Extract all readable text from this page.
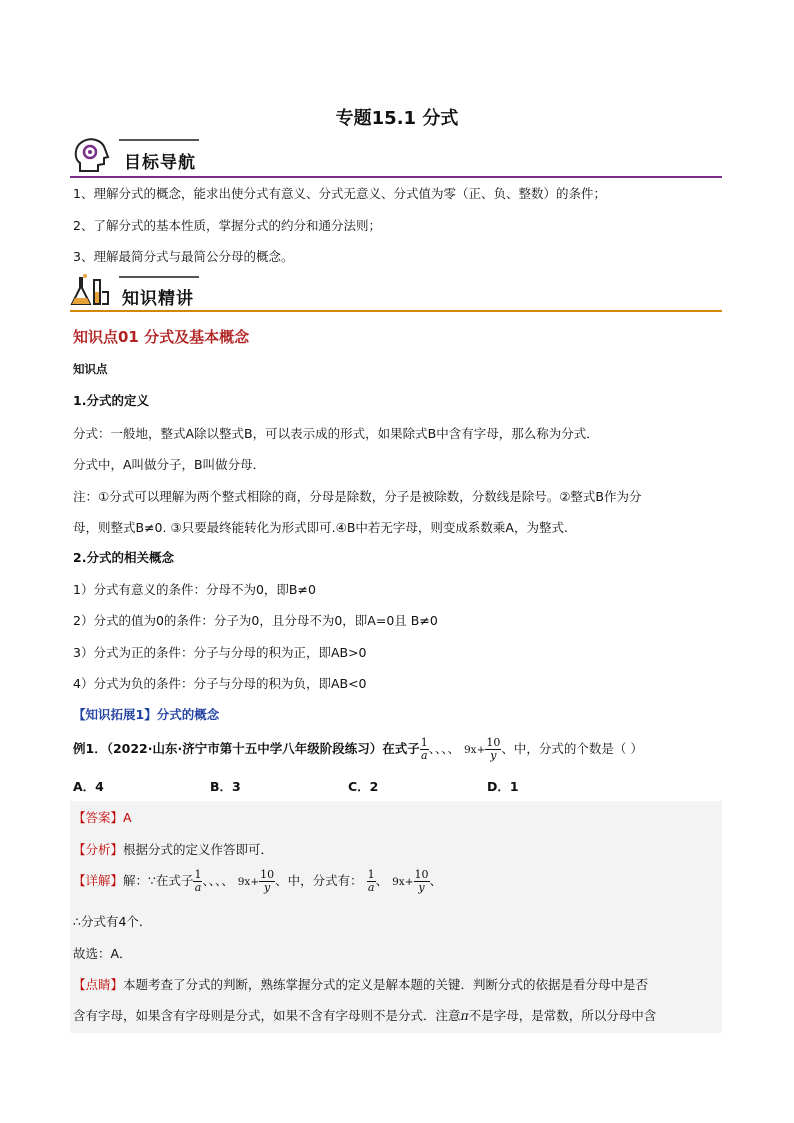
专题15.1 分式
目标导航
1、理解分式的概念，能求出使分式有意义、分式无意义、分式值为零（正、负、整数）的条件；
2、了解分式的基本性质，掌握分式的约分和通分法则；
3、理解最简分式与最简公分母的概念。
知识精讲
知识点01 分式及基本概念
知识点
1.分式的定义
分式：一般地，整式A除以整式B，可以表示成的形式，如果除式B中含有字母，那么称为分式．
分式中，A叫做分子，B叫做分母．
注：①分式可以理解为两个整式相除的商，分母是除数，分子是被除数，分数线是除号。②整式B作为分
母，则整式B≠0. ③只要最终能转化为形式即可.④B中若无字母，则变成系数乘A，为整式.
2.分式的相关概念
1）分式有意义的条件：分母不为0，即B≠0
2）分式的值为0的条件：分子为0，且分母不为0，即A=0且 B≠0
3）分式为正的条件：分子与分母的积为正，即AB>0
4）分式为负的条件：分子与分母的积为负，即AB<0
【知识拓展1】分式的概念
例1．（2022·山东·济宁市第十五中学八年级阶段练习）在式子 $\frac{1}{a}$ 、、、、 $9x+ \frac{10}{y}$ 、中，分式的个数是（ ）
A．4	B．3	C．2	D．1
【答案】A
【分析】根据分式的定义作答即可．
【详解】解：∵在式子 $\frac{1}{a}$ 、、、、 $9x+ \frac{10}{y}$ 、中，分式有： $\frac{1}{a}$ 、 $9x+ \frac{10}{y}$ 、
∴分式有4个．
故选：A．
【点睛】本题考查了分式的判断，熟练掌握分式的定义是解本题的关键．判断分式的依据是看分母中是否
含有字母，如果含有字母则是分式，如果不含有字母则不是分式．注意π不是字母，是常数，所以分母中含
